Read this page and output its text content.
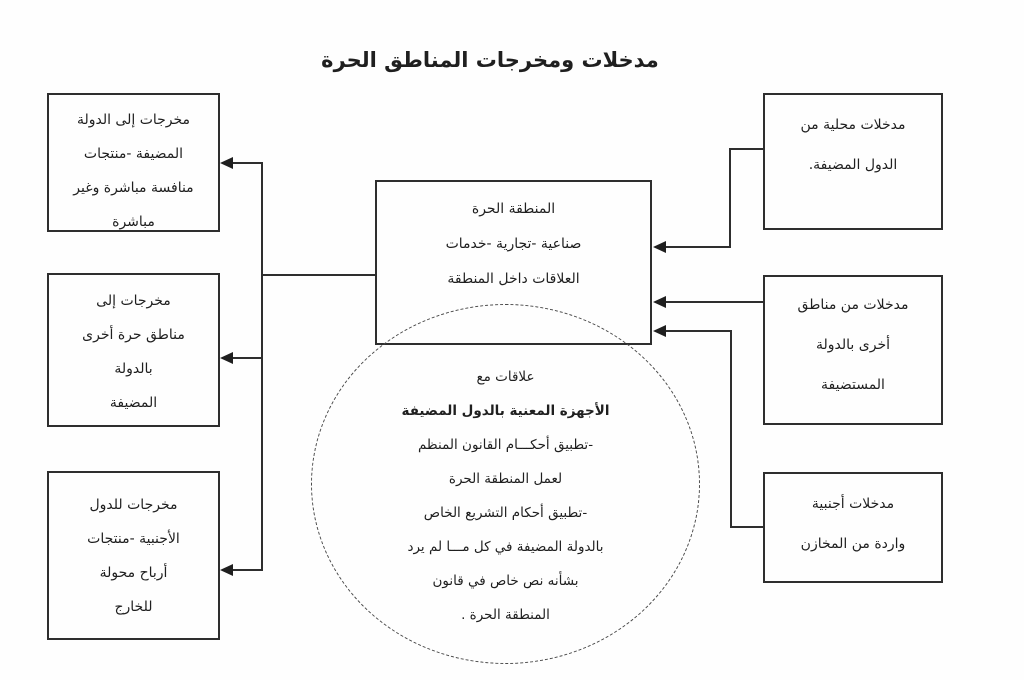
مدخلات ومخرجات المناطق الحرة
مخرجات إلى الدولة
المضيفة -منتجات
منافسة مباشرة وغير
مباشرة
مخرجات إلى
مناطق حرة أخرى
بالدولة
المضيفة
مخرجات للدول
الأجنبية -منتجات
أرباح محولة
للخارج
مدخلات محلية من
الدول المضيفة.
مدخلات من مناطق
أخرى بالدولة
المستضيفة
مدخلات أجنبية
واردة من المخازن
المنطقة الحرة
صناعية -تجارية -خدمات
العلاقات داخل المنطقة
علاقات مع
الأجهزة المعنية بالدول المضيفة
-تطبيق أحكـــام القانون المنظم
لعمل المنطقة الحرة
-تطبيق أحكام التشريع الخاص
بالدولة المضيفة في كل مـــا لم يرد
بشأنه نص خاص في قانون
المنطقة الحرة .
